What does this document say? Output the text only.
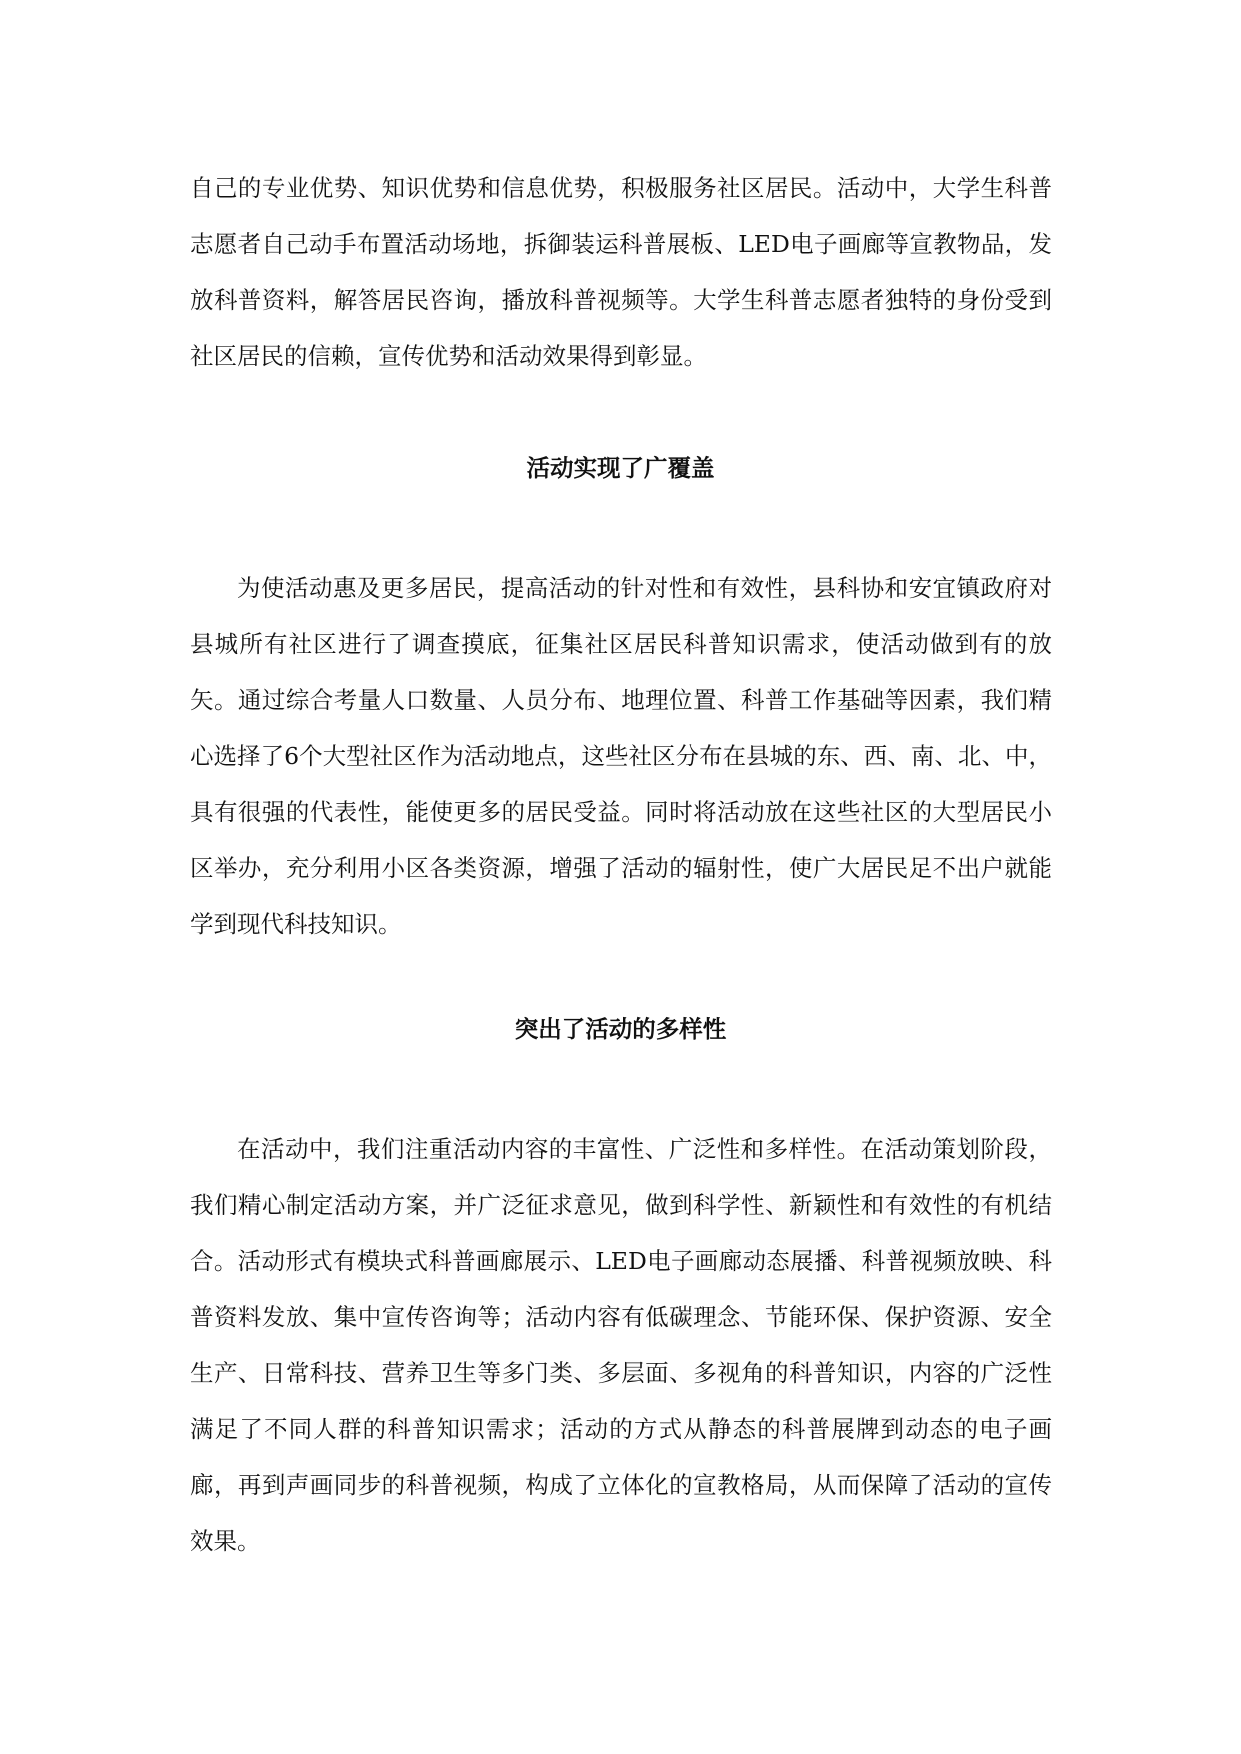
自己的专业优势、知识优势和信息优势，积极服务社区居民。活动中，大学生科普志愿者自己动手布置活动场地，拆御装运科普展板、LED电子画廊等宣教物品，发放科普资料，解答居民咨询，播放科普视频等。大学生科普志愿者独特的身份受到社区居民的信赖，宣传优势和活动效果得到彰显。

活动实现了广覆盖

为使活动惠及更多居民，提高活动的针对性和有效性，县科协和安宜镇政府对县城所有社区进行了调查摸底，征集社区居民科普知识需求，使活动做到有的放矢。通过综合考量人口数量、人员分布、地理位置、科普工作基础等因素，我们精心选择了6个大型社区作为活动地点，这些社区分布在县城的东、西、南、北、中，具有很强的代表性，能使更多的居民受益。同时将活动放在这些社区的大型居民小区举办，充分利用小区各类资源，增强了活动的辐射性，使广大居民足不出户就能学到现代科技知识。

突出了活动的多样性

在活动中，我们注重活动内容的丰富性、广泛性和多样性。在活动策划阶段，我们精心制定活动方案，并广泛征求意见，做到科学性、新颖性和有效性的有机结合。活动形式有模块式科普画廊展示、LED电子画廊动态展播、科普视频放映、科普资料发放、集中宣传咨询等；活动内容有低碳理念、节能环保、保护资源、安全生产、日常科技、营养卫生等多门类、多层面、多视角的科普知识，内容的广泛性满足了不同人群的科普知识需求；活动的方式从静态的科普展牌到动态的电子画廊，再到声画同步的科普视频，构成了立体化的宣教格局，从而保障了活动的宣传效果。
